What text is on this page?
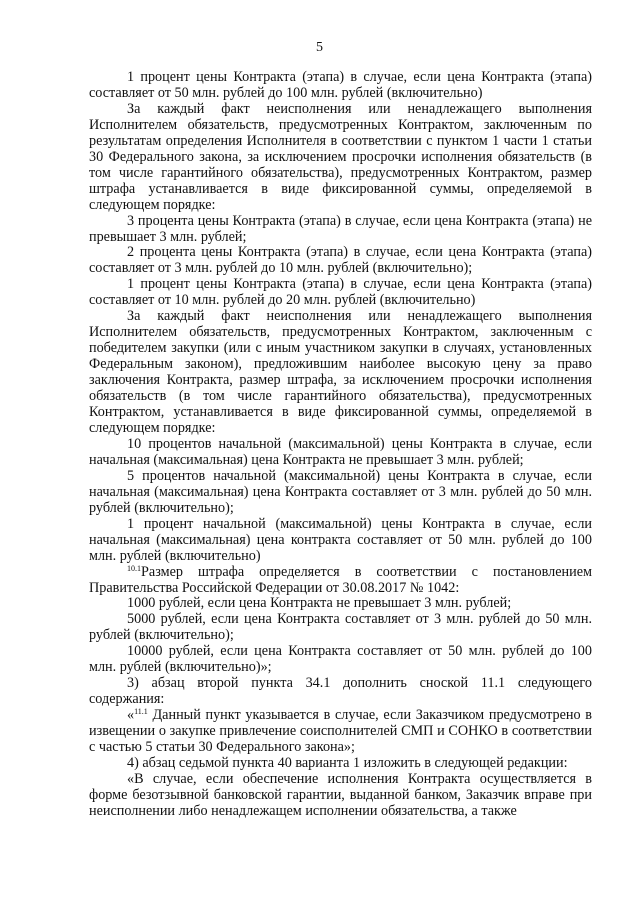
5

1 процент цены Контракта (этапа) в случае, если цена Контракта (этапа) составляет от 50 млн. рублей до 100 млн. рублей (включительно)

За каждый факт неисполнения или ненадлежащего выполнения Исполнителем обязательств, предусмотренных Контрактом, заключенным по результатам определения Исполнителя в соответствии с пунктом 1 части 1 статьи 30 Федерального закона, за исключением просрочки исполнения обязательств (в том числе гарантийного обязательства), предусмотренных Контрактом, размер штрафа устанавливается в виде фиксированной суммы, определяемой в следующем порядке:

3 процента цены Контракта (этапа) в случае, если цена Контракта (этапа) не превышает 3 млн. рублей;

2 процента цены Контракта (этапа) в случае, если цена Контракта (этапа) составляет от 3 млн. рублей до 10 млн. рублей (включительно);

1 процент цены Контракта (этапа) в случае, если цена Контракта (этапа) составляет от 10 млн. рублей до 20 млн. рублей (включительно)

За каждый факт неисполнения или ненадлежащего выполнения Исполнителем обязательств, предусмотренных Контрактом, заключенным с победителем закупки (или с иным участником закупки в случаях, установленных Федеральным законом), предложившим наиболее высокую цену за право заключения Контракта, размер штрафа, за исключением просрочки исполнения обязательств (в том числе гарантийного обязательства), предусмотренных Контрактом, устанавливается в виде фиксированной суммы, определяемой в следующем порядке:

10 процентов начальной (максимальной) цены Контракта в случае, если начальная (максимальная) цена Контракта не превышает 3 млн. рублей;

5 процентов начальной (максимальной) цены Контракта в случае, если начальная (максимальная) цена Контракта составляет от 3 млн. рублей до 50 млн. рублей (включительно);

1 процент начальной (максимальной) цены Контракта в случае, если начальная (максимальная) цена контракта составляет от 50 млн. рублей до 100 млн. рублей (включительно)

$^{10.1}$Размер штрафа определяется в соответствии с постановлением Правительства Российской Федерации от 30.08.2017 № 1042:

1000 рублей, если цена Контракта не превышает 3 млн. рублей;

5000 рублей, если цена Контракта составляет от 3 млн. рублей до 50 млн. рублей (включительно);

10000 рублей, если цена Контракта составляет от 50 млн. рублей до 100 млн. рублей (включительно)»;

3) абзац второй пункта 34.1 дополнить сноской 11.1 следующего содержания:

«$^{11.1}$ Данный пункт указывается в случае, если Заказчиком предусмотрено в извещении о закупке привлечение соисполнителей СМП и СОНКО в соответствии с частью 5 статьи 30 Федерального закона»;

4) абзац седьмой пункта 40 варианта 1 изложить в следующей редакции:

«В случае, если обеспечение исполнения Контракта осуществляется в форме безотзывной банковской гарантии, выданной банком, Заказчик вправе при неисполнении либо ненадлежащем исполнении обязательства, а также
